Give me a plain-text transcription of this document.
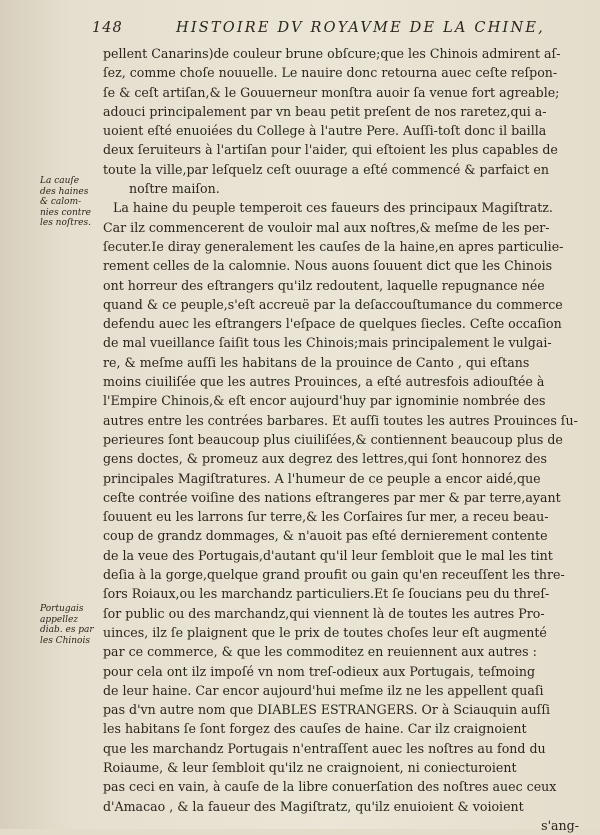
148	HISTOIRE DV ROYAVME DE LA CHINE,
La cauſe
des haines
& calom-
nies contre
les noſtres.
Portugais
appellez
diab. es par
les Chinois
pellent Canarins)de couleur brune obſcure;que les Chinois admirent aſ-
ſez, comme choſe nouuelle. Le nauire donc retourna auec ceſte reſpon-
ſe & ceſt artiſan,& le Gouuerneur monſtra auoir ſa venue fort agreable;
adouci principalement par vn beau petit preſent de nos raretez,qui a-
uoient eſté enuoiées du College à l'autre Pere. Auſſi-toſt donc il bailla
deux ſeruiteurs à l'artiſan pour l'aider, qui eſtoient les plus capables de
toute la ville,par leſquelz ceſt ouurage a eſté commencé & parfaict en
noſtre maiſon.
La haine du peuple temperoit ces faueurs des principaux Magiſtratz.
Car ilz commencerent de vouloir mal aux noſtres,& meſme de les per-
ſecuter.Ie diray generalement les cauſes de la haine,en apres particulie-
rement celles de la calomnie. Nous auons ſouuent dict que les Chinois
ont horreur des eſtrangers qu'ilz redoutent, laquelle repugnance née
quand & ce peuple,s'eſt accreuë par la deſaccouſtumance du commerce
defendu auec les eſtrangers l'eſpace de quelques ſiecles. Ceſte occaſion
de mal vueillance ſaiſit tous les Chinois;mais principalement le vulgai-
re, & meſme auſſi les habitans de la prouince de Canto , qui eſtans
moins ciuiliſée que les autres Prouinces, a eſté autresfois adiouſtée à
l'Empire Chinois,& eſt encor aujourd'huy par ignominie nombrée des
autres entre les contrées barbares. Et auſſi toutes les autres Prouinces ſu-
perieures ſont beaucoup plus ciuiliſées,& contiennent beaucoup plus de
gens doctes, & promeuz aux degrez des lettres,qui ſont honnorez des
principales Magiſtratures. A l'humeur de ce peuple a encor aidé,que
ceſte contrée voiſine des nations eſtrangeres par mer & par terre,ayant
ſouuent eu les larrons ſur terre,& les Corſaires ſur mer, a receu beau-
coup de grandz dommages, & n'auoit pas eſté dernierement contente
de la veue des Portugais,d'autant qu'il leur ſembloit que le mal les tint
deſia à la gorge,quelque grand proufit ou gain qu'en receuſſent les thre-
ſors Roiaux,ou les marchandz particuliers.Et ſe ſoucians peu du threſ-
ſor public ou des marchandz,qui viennent là de toutes les autres Pro-
uinces, ilz ſe plaignent que le prix de toutes choſes leur eſt augmenté
par ce commerce, & que les commoditez en reuiennent aux autres :
pour cela ont ilz impoſé vn nom treſ-odieux aux Portugais, teſmoing
de leur haine. Car encor aujourd'hui meſme ilz ne les appellent quaſi
pas d'vn autre nom que DIABLES ESTRANGERS. Or à Sciauquin auſſi
les habitans ſe ſont forgez des cauſes de haine. Car ilz craignoient
que les marchandz Portugais n'entraſſent auec les noſtres au fond du
Roiaume, & leur ſembloit qu'ilz ne craignoient, ni coniecturoient
pas ceci en vain, à cauſe de la libre conuerſation des noſtres auec ceux
d'Amacao , & la faueur des Magiſtratz, qu'ilz enuioient & voioient
s'ang-
